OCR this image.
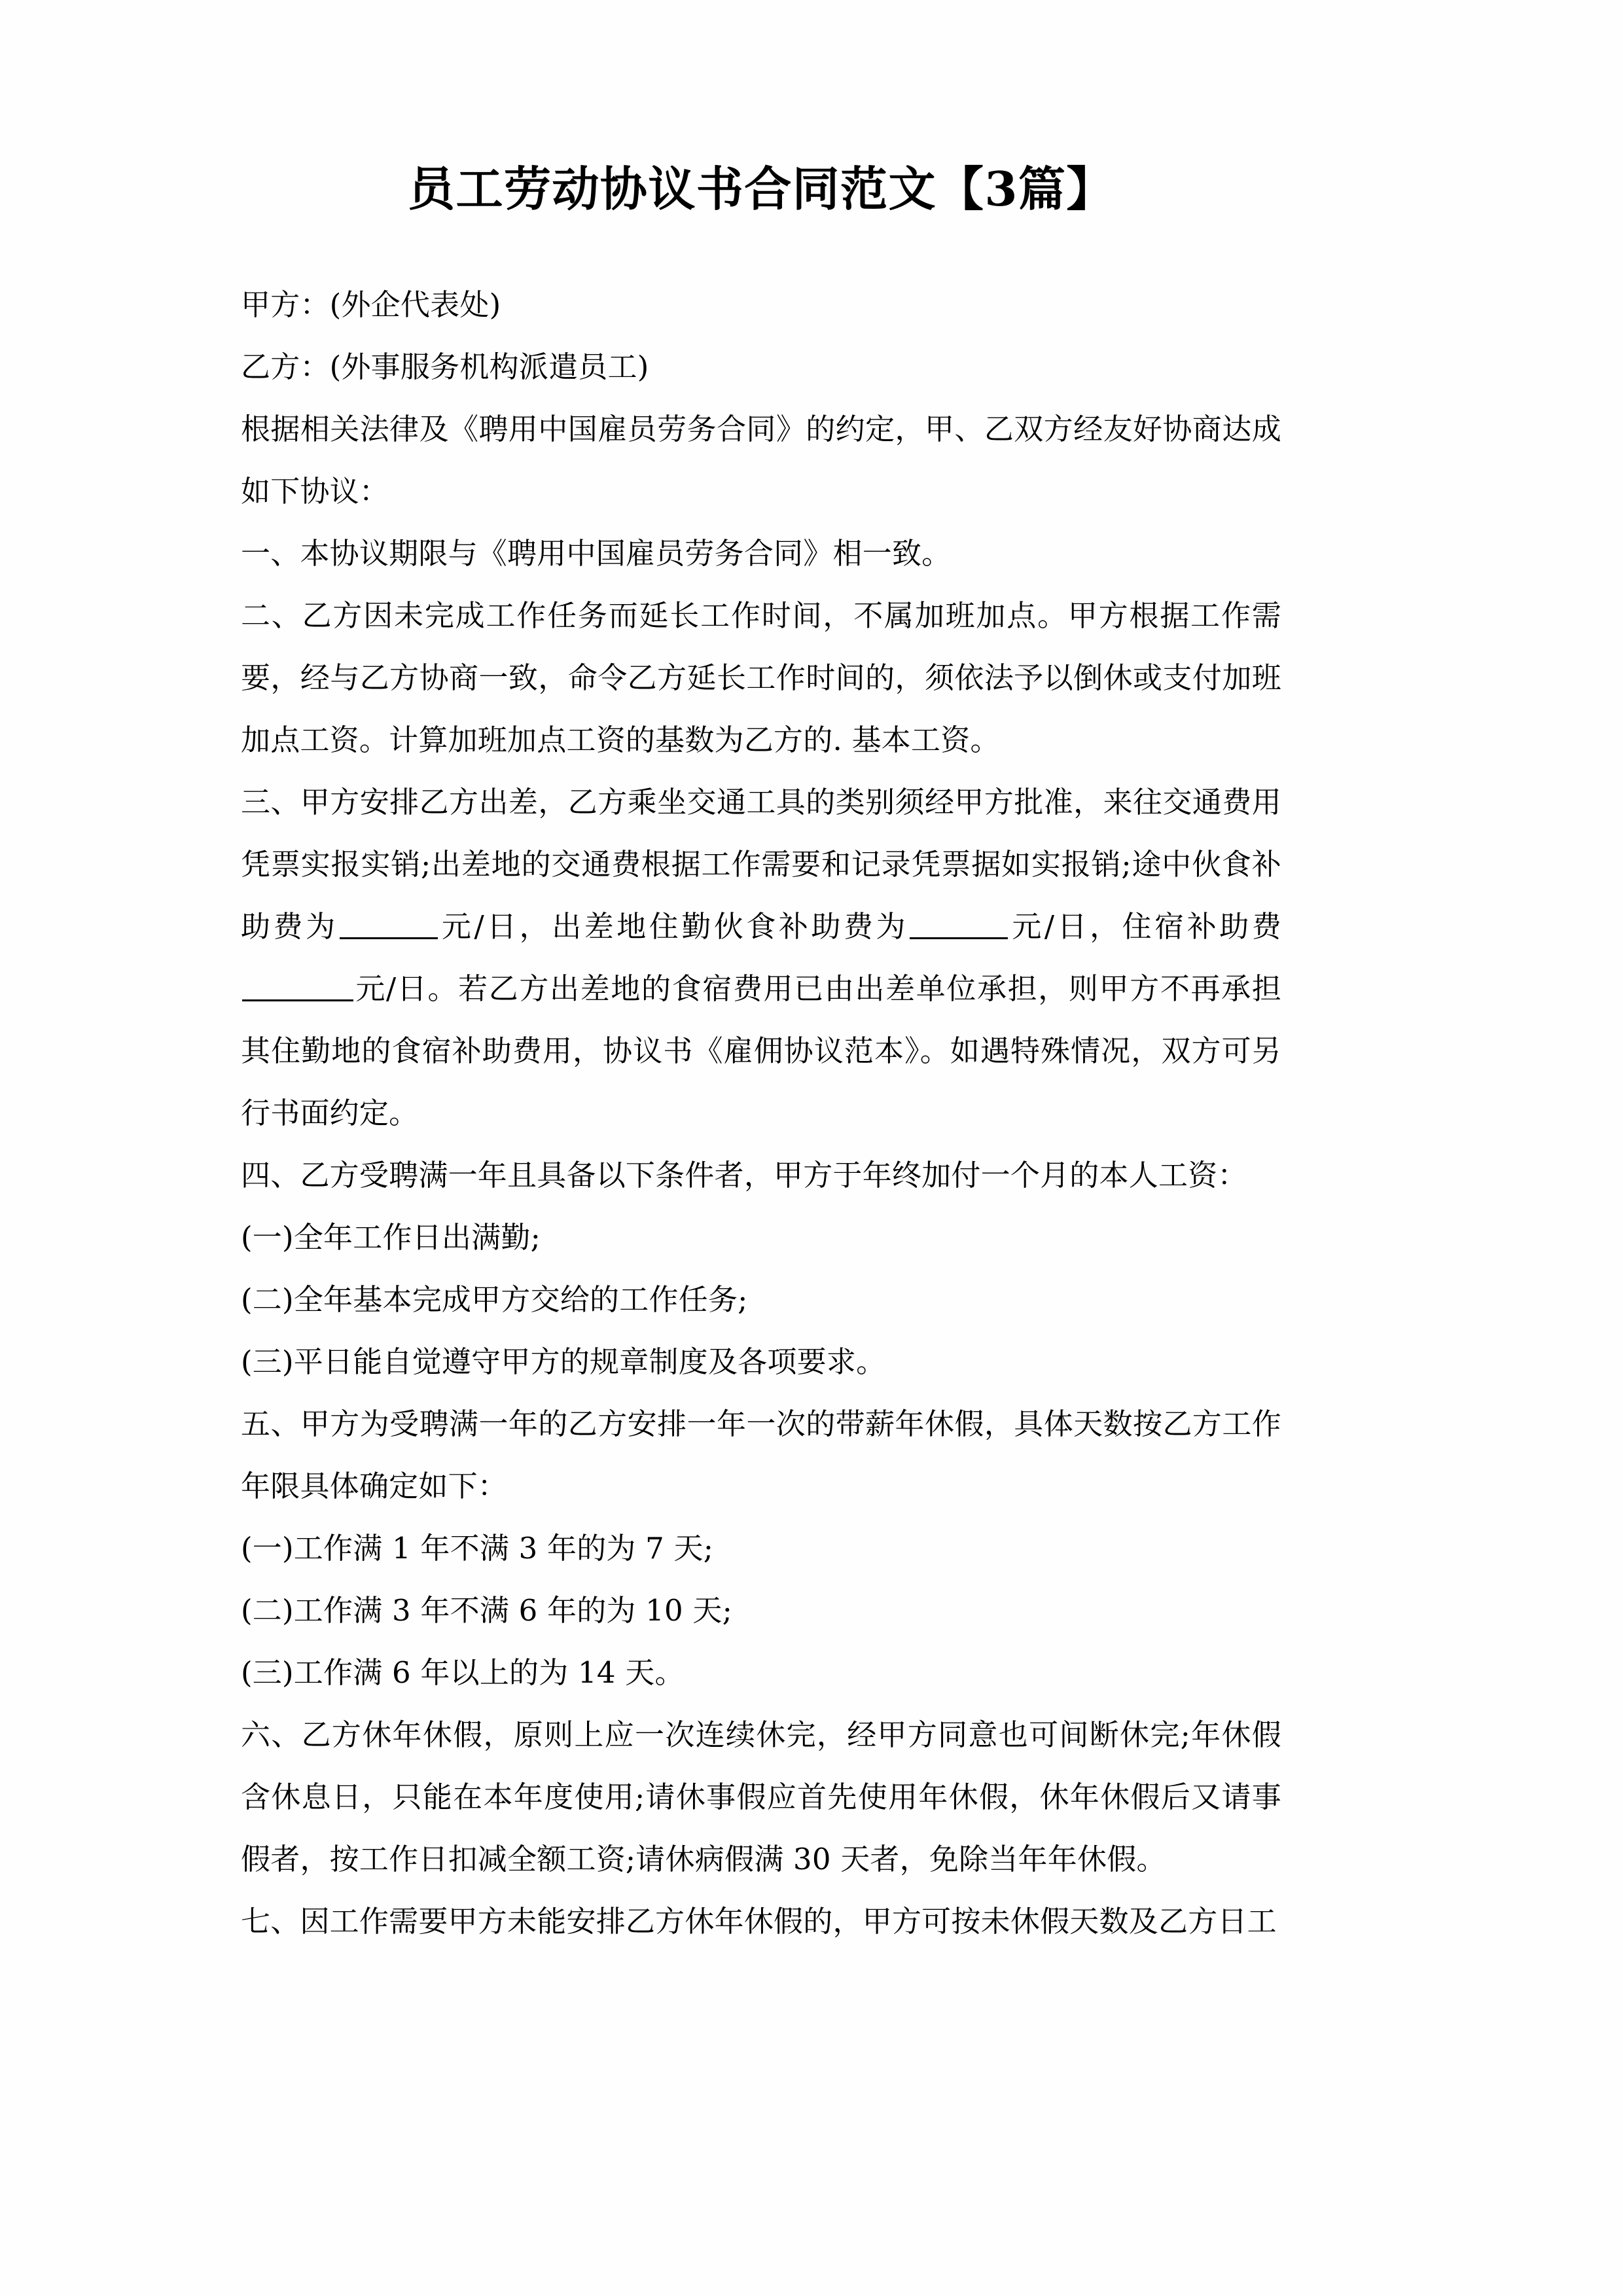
员工劳动协议书合同范文【3篇】

甲方：(外企代表处)

乙方：(外事服务机构派遣员工)

根据相关法律及《聘用中国雇员劳务合同》的约定，甲、乙双方经友好协商达成如下协议：

一、本协议期限与《聘用中国雇员劳务合同》相一致。

二、乙方因未完成工作任务而延长工作时间，不属加班加点。甲方根据工作需要，经与乙方协商一致，命令乙方延长工作时间的，须依法予以倒休或支付加班加点工资。计算加班加点工资的基数为乙方的. 基本工资。

三、甲方安排乙方出差，乙方乘坐交通工具的类别须经甲方批准，来往交通费用凭票实报实销;出差地的交通费根据工作需要和记录凭票据如实报销;途中伙食补助费为	元/日，出差地住勤伙食补助费为	元/日，住宿补助费元/日。若乙方出差地的食宿费用已由出差单位承担，则甲方不再承担其住勤地的食宿补助费用，协议书《雇佣协议范本》。如遇特殊情况，双方可另行书面约定。

四、乙方受聘满一年且具备以下条件者，甲方于年终加付一个月的本人工资：

(一)全年工作日出满勤;

(二)全年基本完成甲方交给的工作任务;

(三)平日能自觉遵守甲方的规章制度及各项要求。

五、甲方为受聘满一年的乙方安排一年一次的带薪年休假，具体天数按乙方工作年限具体确定如下：

(一)工作满 1 年不满 3 年的为 7 天;

(二)工作满 3 年不满 6 年的为 10 天;

(三)工作满 6 年以上的为 14 天。

六、乙方休年休假，原则上应一次连续休完，经甲方同意也可间断休完;年休假含休息日，只能在本年度使用;请休事假应首先使用年休假，休年休假后又请事假者，按工作日扣减全额工资;请休病假满 30 天者，免除当年年休假。

七、因工作需要甲方未能安排乙方休年休假的，甲方可按未休假天数及乙方日工
